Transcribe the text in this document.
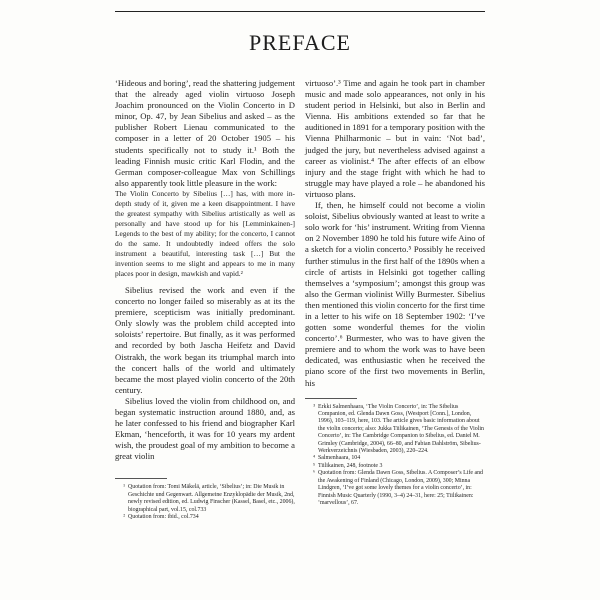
PREFACE

‘Hideous and boring’, read the shattering judgement that the already aged violin virtuoso Joseph Joachim pronounced on the Violin Concerto in D minor, Op. 47, by Jean Sibelius and asked – as the publisher Robert Lienau communicated to the composer in a letter of 20 October 1905 – his students specifically not to study it.¹ Both the leading Finnish music critic Karl Flodin, and the German composer-colleague Max von Schillings also apparently took little pleasure in the work:

The Violin Concerto by Sibelius […] has, with more in-depth study of it, given me a keen disappointment. I have the greatest sympathy with Sibelius artistically as well as personally and have stood up for his [Lemminkainen-] Legends to the best of my ability; for the concerto, I cannot do the same. It undoubtedly indeed offers the solo instrument a beautiful, interesting task […] But the invention seems to me slight and appears to me in many places poor in design, mawkish and vapid.²

Sibelius revised the work and even if the concerto no longer failed so miserably as at its the premiere, scepticism was initially predominant. Only slowly was the problem child accepted into soloists’ repertoire. But finally, as it was performed and recorded by both Jascha Heifetz and David Oistrakh, the work began its triumphal march into the concert halls of the world and ultimately became the most played violin concerto of the 20th century.

Sibelius loved the violin from childhood on, and began systematic instruction around 1880, and, as he later confessed to his friend and biographer Karl Ekman, ‘henceforth, it was for 10 years my ardent wish, the proudest goal of my ambition to become a great violin

¹ Quotation from: Tomi Mäkelä, article, ‘Sibelius’; in: Die Musik in Geschichte und Gegenwart. Allgemeine Enzyklopädie der Musik, 2nd, newly revised edition, ed. Ludwig Finscher (Kassel, Basel, etc., 2006), biographical part, vol.15, col.733
² Quotation from: ibid., col.734

virtuoso’.³ Time and again he took part in chamber music and made solo appearances, not only in his student period in Helsinki, but also in Berlin and Vienna. His ambitions extended so far that he auditioned in 1891 for a temporary position with the Vienna Philharmonic – but in vain: ‘Not bad’, judged the jury, but nevertheless advised against a career as violinist.⁴ The after effects of an elbow injury and the stage fright with which he had to struggle may have played a role – he abandoned his virtuoso plans.

If, then, he himself could not become a violin soloist, Sibelius obviously wanted at least to write a solo work for ‘his’ instrument. Writing from Vienna on 2 November 1890 he told his future wife Aino of a sketch for a violin concerto.⁵ Possibly he received further stimulus in the first half of the 1890s when a circle of artists in Helsinki got together calling themselves a ‘symposium’; amongst this group was also the German violinist Willy Burmester. Sibelius then mentioned this violin concerto for the first time in a letter to his wife on 18 September 1902: ‘I’ve gotten some wonderful themes for the violin concerto’.⁶ Burmester, who was to have given the premiere and to whom the work was to have been dedicated, was enthusiastic when he received the piano score of the first two movements in Berlin, his

³ Erkki Salmenhaara, ‘The Violin Concerto’, in: The Sibelius Companion, ed. Glenda Dawn Goss, (Westport [Conn.], London, 1996), 103–119, here, 103. The article gives basic information about the violin concerto; also: Jukka Tiilikainen, ‘The Genesis of the Violin Concerto’, in: The Cambridge Companion to Sibelius, ed. Daniel M. Grimley (Cambridge, 2004), 66–80, and Fabian Dahlström, Sibelius-Werkverzeichnis (Wiesbaden, 2003), 220–224.
⁴ Salmenhaara, 104
⁵ Tiilikainen, 248, footnote 3
⁶ Quotation from: Glenda Dawn Goss, Sibelius. A Composer’s Life and the Awakening of Finland (Chicago, London, 2009), 300; Minna Lindgren, ‘I’ve got some lovely themes for a violin concerto’, in: Finnish Music Quarterly (1990, 3–4) 24–31, here: 25; Tiilikainen: ‘marvellous’, 67.
